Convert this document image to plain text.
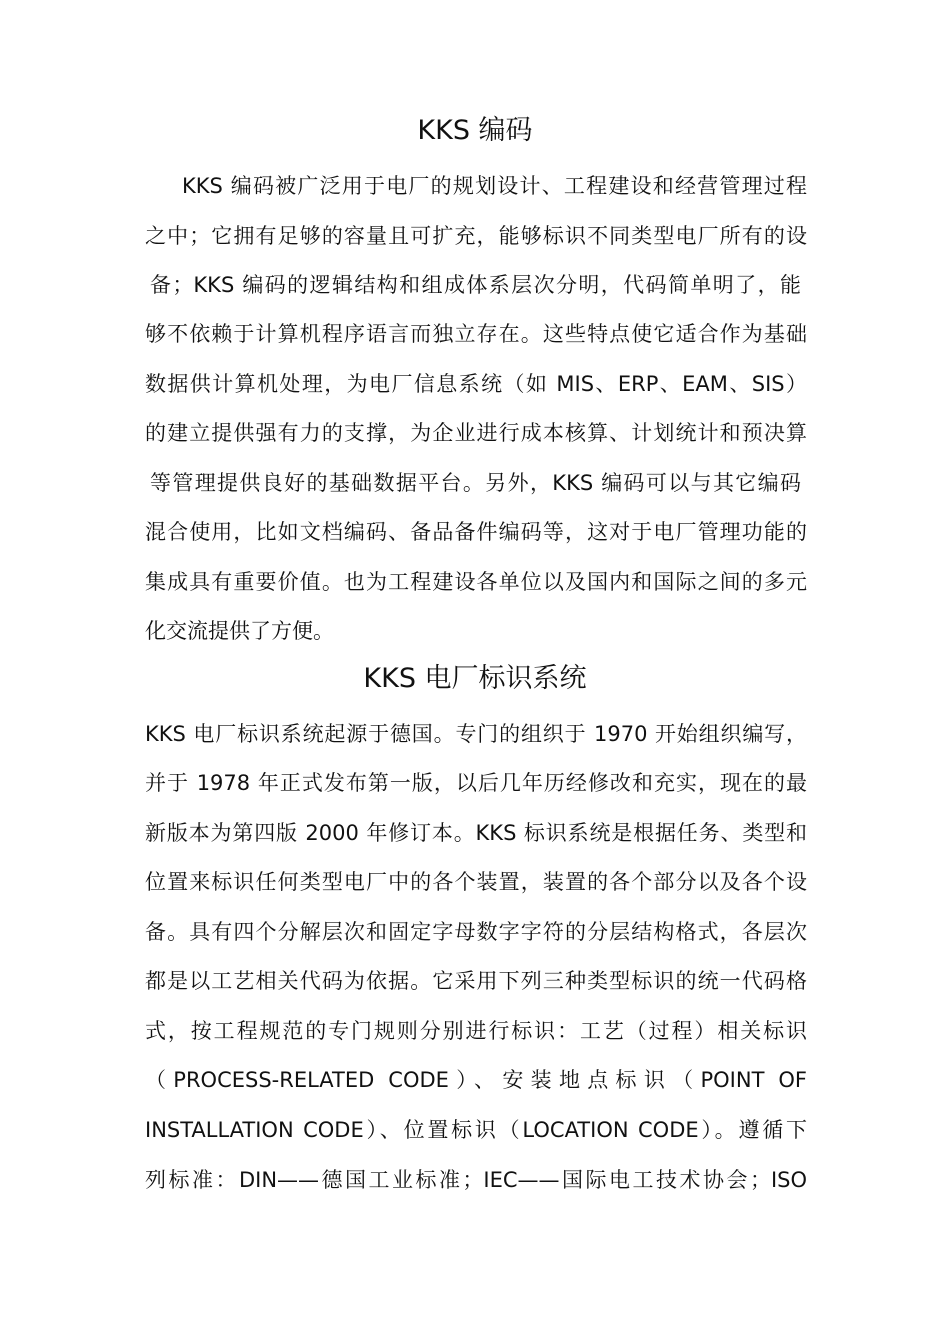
KKS 编码
KKS 编码被广泛用于电厂的规划设计、工程建设和经营管理过程
之中；它拥有足够的容量且可扩充，能够标识不同类型电厂所有的设
备；KKS 编码的逻辑结构和组成体系层次分明，代码简单明了，能
够不依赖于计算机程序语言而独立存在。这些特点使它适合作为基础
数据供计算机处理，为电厂信息系统（如 MIS、ERP、EAM、SIS）
的建立提供强有力的支撑，为企业进行成本核算、计划统计和预决算
等管理提供良好的基础数据平台。另外，KKS 编码可以与其它编码
混合使用，比如文档编码、备品备件编码等，这对于电厂管理功能的
集成具有重要价值。也为工程建设各单位以及国内和国际之间的多元
化交流提供了方便。
KKS 电厂标识系统
KKS 电厂标识系统起源于德国。专门的组织于 1970 开始组织编写，
并于 1978 年正式发布第一版，以后几年历经修改和充实，现在的最
新版本为第四版 2000 年修订本。KKS 标识系统是根据任务、类型和
位置来标识任何类型电厂中的各个装置，装置的各个部分以及各个设
备。具有四个分解层次和固定字母数字字符的分层结构格式，各层次
都是以工艺相关代码为依据。它采用下列三种类型标识的统一代码格
式，按工程规范的专门规则分别进行标识：工艺（过程）相关标识
（PROCESS-RELATED CODE）、安装地点标识（POINT OF
INSTALLATION CODE）、位置标识（LOCATION CODE）。遵循下
列标准：DIN——德国工业标准；IEC——国际电工技术协会；ISO
